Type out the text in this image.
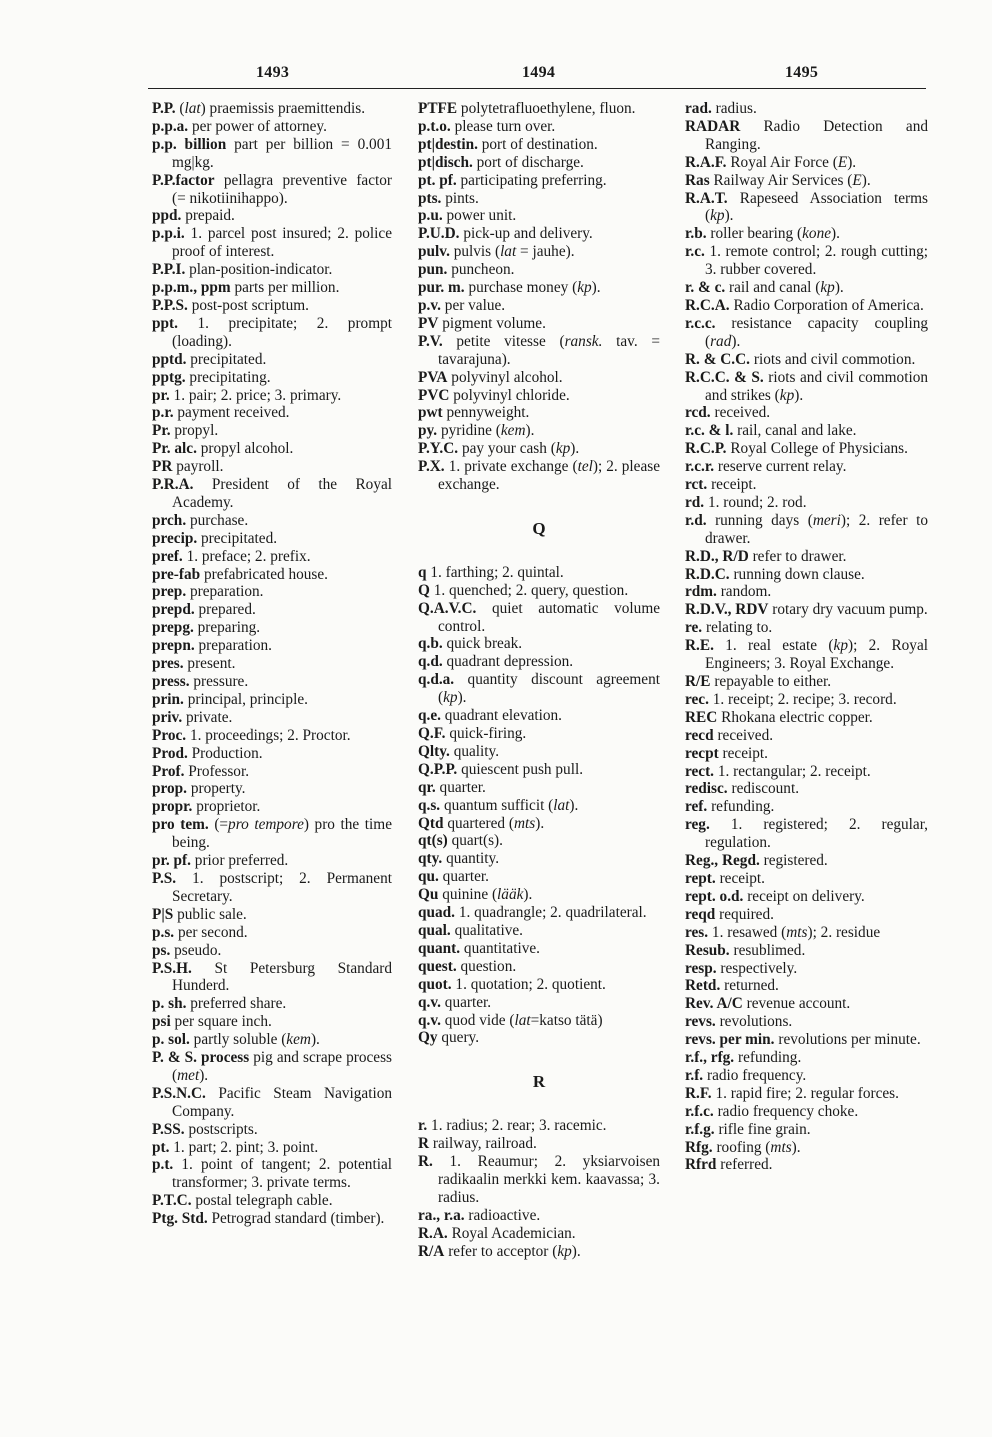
1493	1494	1495
P.P. (lat) praemissis praemittendis.
p.p.a. per power of attorney.
p.p. billion part per billion = 0.001 mg|kg.
P.P.factor pellagra preventive factor (= nikotiinihappo).
ppd. prepaid.
p.p.i. 1. parcel post insured; 2. police proof of interest.
P.P.I. plan-position-indicator.
p.p.m., ppm parts per million.
P.P.S. post-post scriptum.
ppt. 1. precipitate; 2. prompt (loading).
pptd. precipitated.
pptg. precipitating.
pr. 1. pair; 2. price; 3. primary.
p.r. payment received.
Pr. propyl.
Pr. alc. propyl alcohol.
PR payroll.
P.R.A. President of the Royal Academy.
prch. purchase.
precip. precipitated.
pref. 1. preface; 2. prefix.
pre-fab prefabricated house.
prep. preparation.
prepd. prepared.
prepg. preparing.
prepn. preparation.
pres. present.
press. pressure.
prin. principal, principle.
priv. private.
Proc. 1. proceedings; 2. Proctor.
Prod. Production.
Prof. Professor.
prop. property.
propr. proprietor.
pro tem. (=pro tempore) pro the time being.
pr. pf. prior preferred.
P.S. 1. postscript; 2. Permanent Secretary.
P|S public sale.
p.s. per second.
ps. pseudo.
P.S.H. St Petersburg Standard Hunderd.
p. sh. preferred share.
psi per square inch.
p. sol. partly soluble (kem).
P. & S. process pig and scrape process (met).
P.S.N.C. Pacific Steam Navigation Company.
P.SS. postscripts.
pt. 1. part; 2. pint; 3. point.
p.t. 1. point of tangent; 2. potential transformer; 3. private terms.
P.T.C. postal telegraph cable.
Ptg. Std. Petrograd standard (timber).
PTFE polytetrafluoethylene, fluon.
p.t.o. please turn over.
pt|destin. port of destination.
pt|disch. port of discharge.
pt. pf. participating preferring.
pts. pints.
p.u. power unit.
P.U.D. pick-up and delivery.
pulv. pulvis (lat = jauhe).
pun. puncheon.
pur. m. purchase money (kp).
p.v. per value.
PV pigment volume.
P.V. petite vitesse (ransk. tav. = tavarajuna).
PVA polyvinyl alcohol.
PVC polyvinyl chloride.
pwt pennyweight.
py. pyridine (kem).
P.Y.C. pay your cash (kp).
P.X. 1. private exchange (tel); 2. please exchange.
Q
q 1. farthing; 2. quintal.
Q 1. quenched; 2. query, question.
Q.A.V.C. quiet automatic volume control.
q.b. quick break.
q.d. quadrant depression.
q.d.a. quantity discount agreement (kp).
q.e. quadrant elevation.
Q.F. quick-firing.
Qlty. quality.
Q.P.P. quiescent push pull.
qr. quarter.
q.s. quantum sufficit (lat).
Qtd quartered (mts).
qt(s) quart(s).
qty. quantity.
qu. quarter.
Qu quinine (lääk).
quad. 1. quadrangle; 2. quadrilateral.
qual. qualitative.
quant. quantitative.
quest. question.
quot. 1. quotation; 2. quotient.
q.v. quarter.
q.v. quod vide (lat=katso tätä)
Qy query.
R
r. 1. radius; 2. rear; 3. racemic.
R railway, railroad.
R. 1. Reaumur; 2. yksiarvoisen radikaalin merkki kem. kaavassa; 3. radius.
ra., r.a. radioactive.
R.A. Royal Academician.
R/A refer to acceptor (kp).
rad. radius.
RADAR Radio Detection and Ranging.
R.A.F. Royal Air Force (E).
Ras Railway Air Services (E).
R.A.T. Rapeseed Association terms (kp).
r.b. roller bearing (kone).
r.c. 1. remote control; 2. rough cutting; 3. rubber covered.
r. & c. rail and canal (kp).
R.C.A. Radio Corporation of America.
r.c.c. resistance capacity coupling (rad).
R. & C.C. riots and civil commotion.
R.C.C. & S. riots and civil commotion and strikes (kp).
rcd. received.
r.c. & l. rail, canal and lake.
R.C.P. Royal College of Physicians.
r.c.r. reserve current relay.
rct. receipt.
rd. 1. round; 2. rod.
r.d. running days (meri); 2. refer to drawer.
R.D., R/D refer to drawer.
R.D.C. running down clause.
rdm. random.
R.D.V., RDV rotary dry vacuum pump.
re. relating to.
R.E. 1. real estate (kp); 2. Royal Engineers; 3. Royal Exchange.
R/E repayable to either.
rec. 1. receipt; 2. recipe; 3. record.
REC Rhokana electric copper.
recd received.
recpt receipt.
rect. 1. rectangular; 2. receipt.
redisc. rediscount.
ref. refunding.
reg. 1. registered; 2. regular, regulation.
Reg., Regd. registered.
rept. receipt.
rept. o.d. receipt on delivery.
reqd required.
res. 1. resawed (mts); 2. residue
Resub. resublimed.
resp. respectively.
Retd. returned.
Rev. A/C revenue account.
revs. revolutions.
revs. per min. revolutions per minute.
r.f., rfg. refunding.
r.f. radio frequency.
R.F. 1. rapid fire; 2. regular forces.
r.f.c. radio frequency choke.
r.f.g. rifle fine grain.
Rfg. roofing (mts).
Rfrd referred.
